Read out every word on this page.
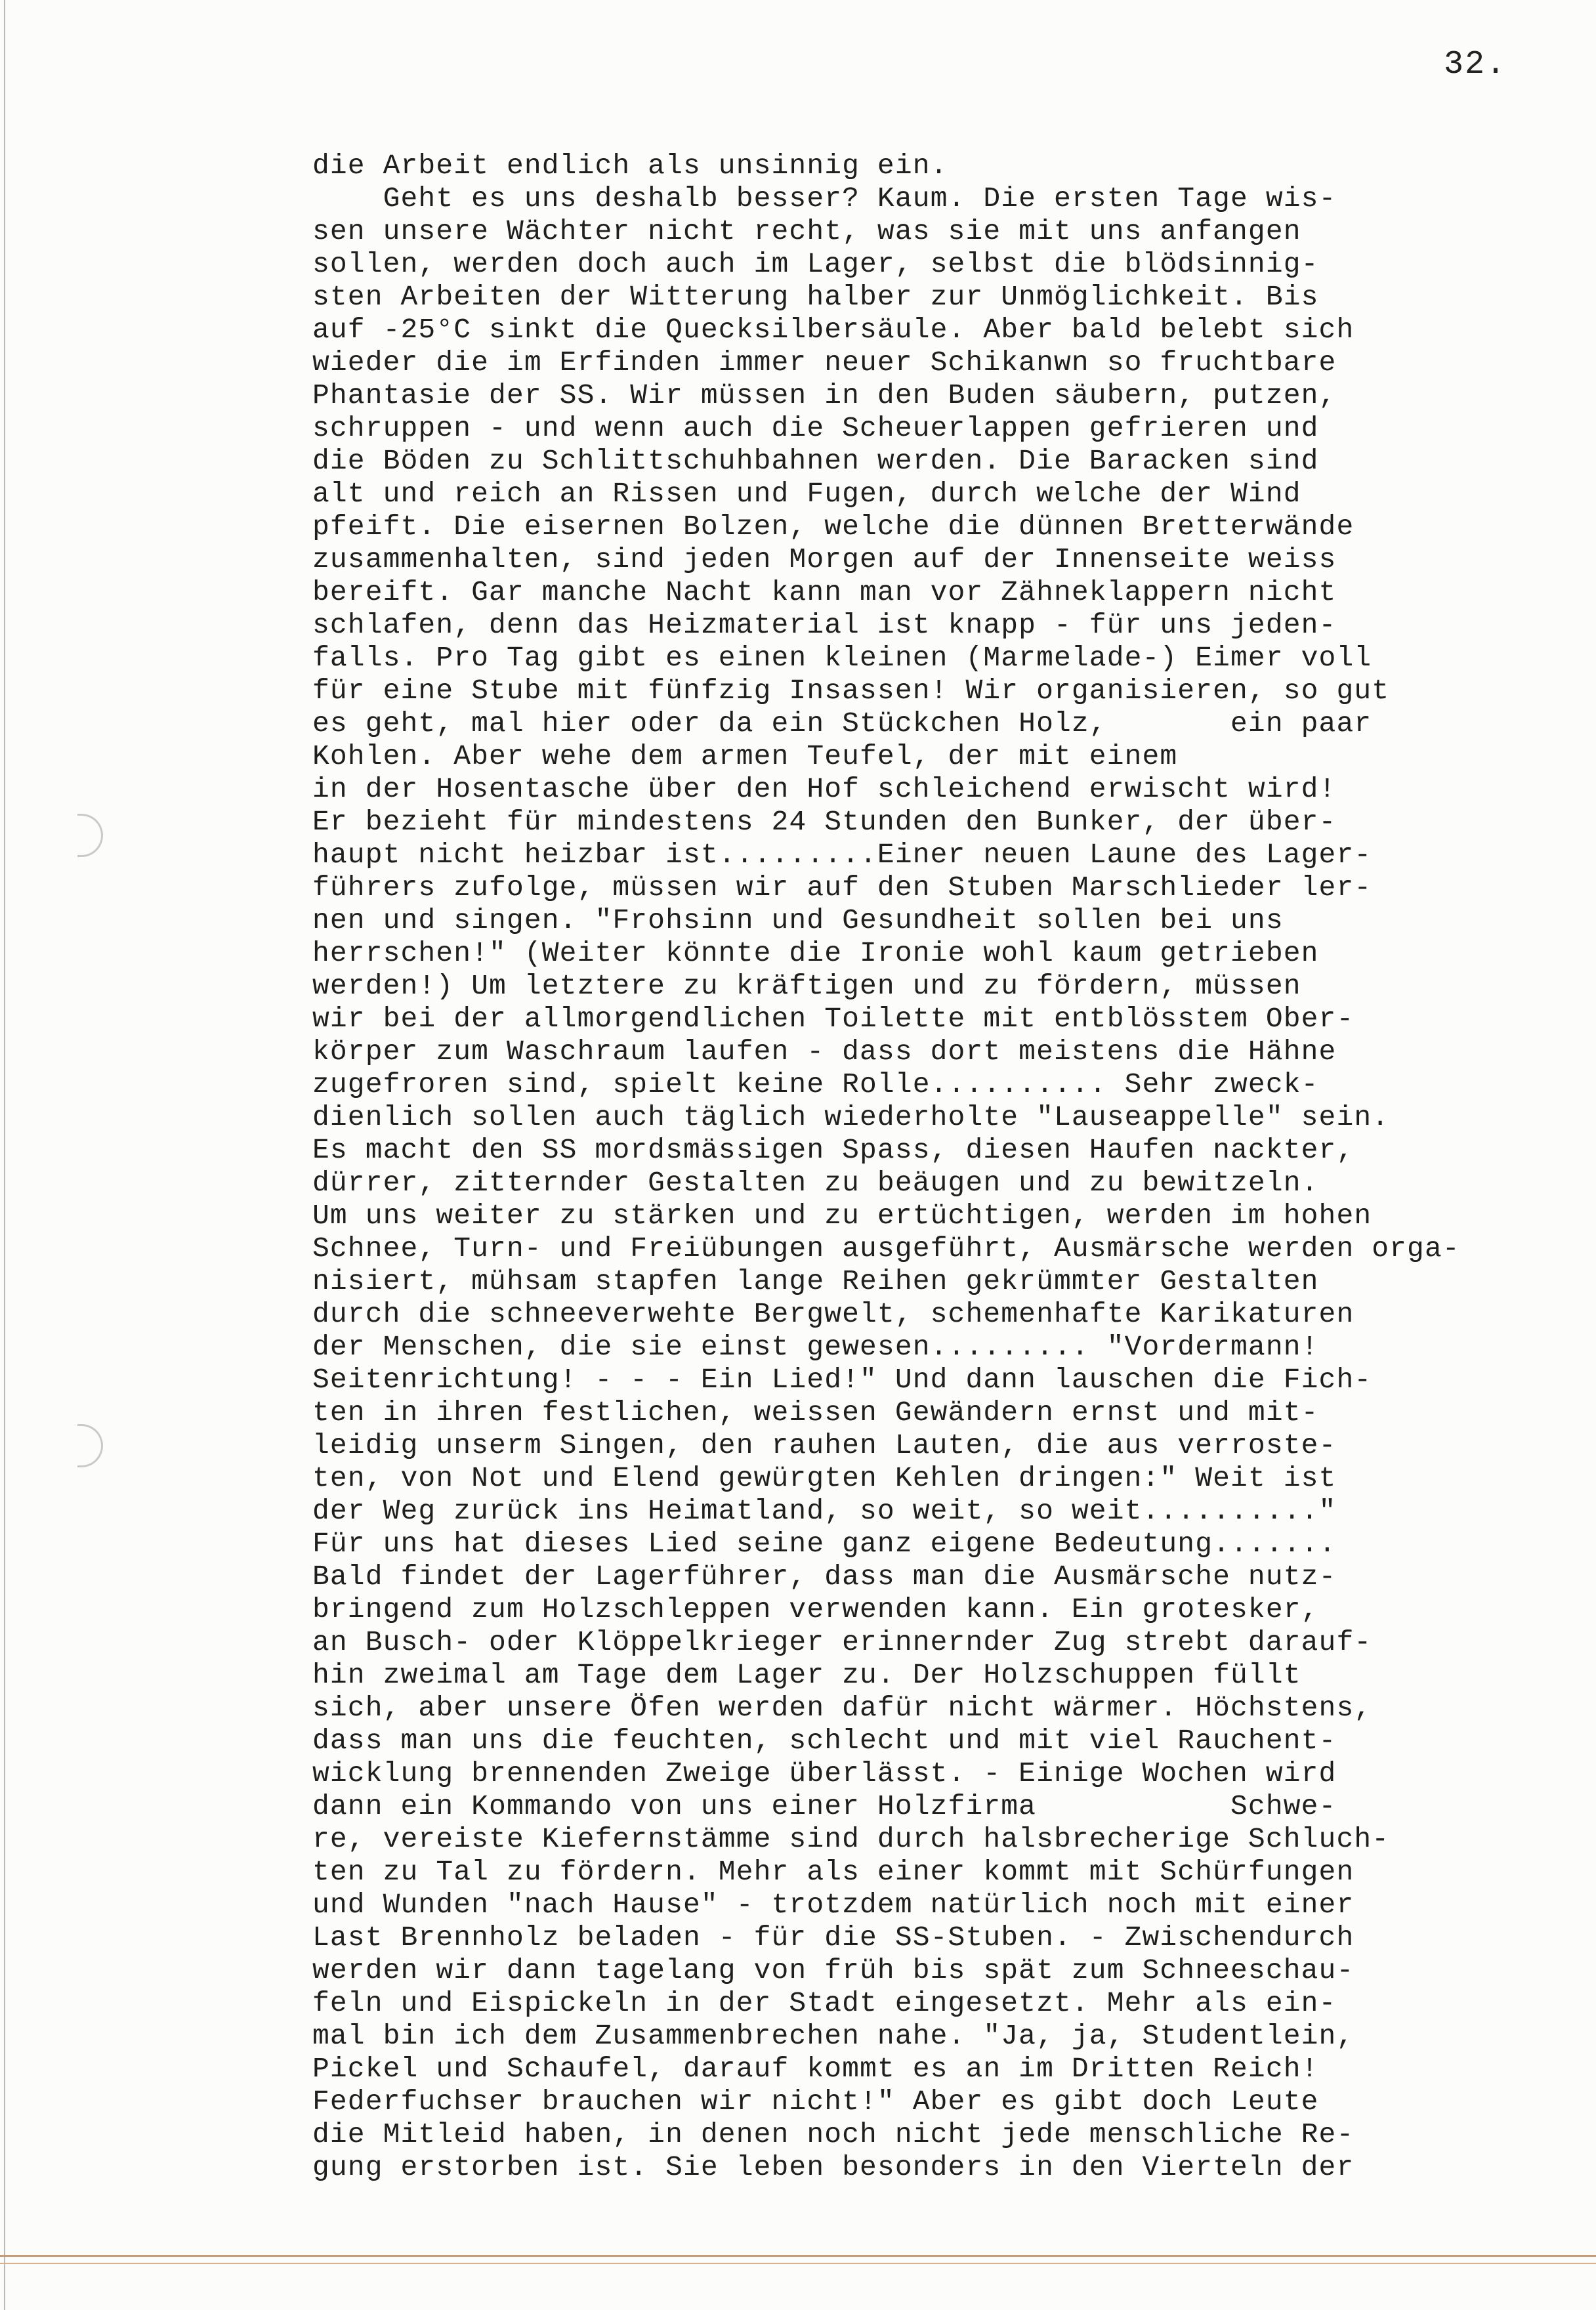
32.
die Arbeit endlich als unsinnig ein.
Geht es uns deshalb besser? Kaum. Die ersten Tage wis-
sen unsere Wächter nicht recht, was sie mit uns anfangen
sollen, werden doch auch im Lager, selbst die blödsinnig-
sten Arbeiten der Witterung halber zur Unmöglichkeit. Bis
auf -25°C sinkt die Quecksilbersäule. Aber bald belebt sich
wieder die im Erfinden immer neuer Schikanwn so fruchtbare
Phantasie der SS. Wir müssen in den Buden säubern, putzen,
schruppen - und wenn auch die Scheuerlappen gefrieren und
die Böden zu Schlittschuhbahnen werden. Die Baracken sind
alt und reich an Rissen und Fugen, durch welche der Wind
pfeift. Die eisernen Bolzen, welche die dünnen Bretterwände
zusammenhalten, sind jeden Morgen auf der Innenseite weiss
bereift. Gar manche Nacht kann man vor Zähneklappern nicht
schlafen, denn das Heizmaterial ist knapp - für uns jeden-
falls. Pro Tag gibt es einen kleinen (Marmelade-) Eimer voll
für eine Stube mit fünfzig Insassen! Wir organisieren, so gut
es geht, mal hier oder da ein Stückchen Holz,       ein paar
Kohlen. Aber wehe dem armen Teufel, der mit einem
in der Hosentasche über den Hof schleichend erwischt wird!
Er bezieht für mindestens 24 Stunden den Bunker, der über-
haupt nicht heizbar ist.........Einer neuen Laune des Lager-
führers zufolge, müssen wir auf den Stuben Marschlieder ler-
nen und singen. "Frohsinn und Gesundheit sollen bei uns
herrschen!" (Weiter könnte die Ironie wohl kaum getrieben
werden!) Um letztere zu kräftigen und zu fördern, müssen
wir bei der allmorgendlichen Toilette mit entblösstem Ober-
körper zum Waschraum laufen - dass dort meistens die Hähne
zugefroren sind, spielt keine Rolle.......... Sehr zweck-
dienlich sollen auch täglich wiederholte "Lauseappelle" sein.
Es macht den SS mordsmässigen Spass, diesen Haufen nackter,
dürrer, zitternder Gestalten zu beäugen und zu bewitzeln.
Um uns weiter zu stärken und zu ertüchtigen, werden im hohen
Schnee, Turn- und Freiübungen ausgeführt, Ausmärsche werden orga-
nisiert, mühsam stapfen lange Reihen gekrümmter Gestalten
durch die schneeverwehte Bergwelt, schemenhafte Karikaturen
der Menschen, die sie einst gewesen......... "Vordermann!
Seitenrichtung! - - - Ein Lied!" Und dann lauschen die Fich-
ten in ihren festlichen, weissen Gewändern ernst und mit-
leidig unserm Singen, den rauhen Lauten, die aus verroste-
ten, von Not und Elend gewürgten Kehlen dringen:" Weit ist
der Weg zurück ins Heimatland, so weit, so weit.........."
Für uns hat dieses Lied seine ganz eigene Bedeutung.......
Bald findet der Lagerführer, dass man die Ausmärsche nutz-
bringend zum Holzschleppen verwenden kann. Ein grotesker,
an Busch- oder Klöppelkrieger erinnernder Zug strebt darauf-
hin zweimal am Tage dem Lager zu. Der Holzschuppen füllt
sich, aber unsere Öfen werden dafür nicht wärmer. Höchstens,
dass man uns die feuchten, schlecht und mit viel Rauchent-
wicklung brennenden Zweige überlässt. - Einige Wochen wird
dann ein Kommando von uns einer Holzfirma           Schwe-
re, vereiste Kiefernstämme sind durch halsbrecherige Schluch-
ten zu Tal zu fördern. Mehr als einer kommt mit Schürfungen
und Wunden "nach Hause" - trotzdem natürlich noch mit einer
Last Brennholz beladen - für die SS-Stuben. - Zwischendurch
werden wir dann tagelang von früh bis spät zum Schneeschau-
feln und Eispickeln in der Stadt eingesetzt. Mehr als ein-
mal bin ich dem Zusammenbrechen nahe. "Ja, ja, Studentlein,
Pickel und Schaufel, darauf kommt es an im Dritten Reich!
Federfuchser brauchen wir nicht!" Aber es gibt doch Leute
die Mitleid haben, in denen noch nicht jede menschliche Re-
gung erstorben ist. Sie leben besonders in den Vierteln der
